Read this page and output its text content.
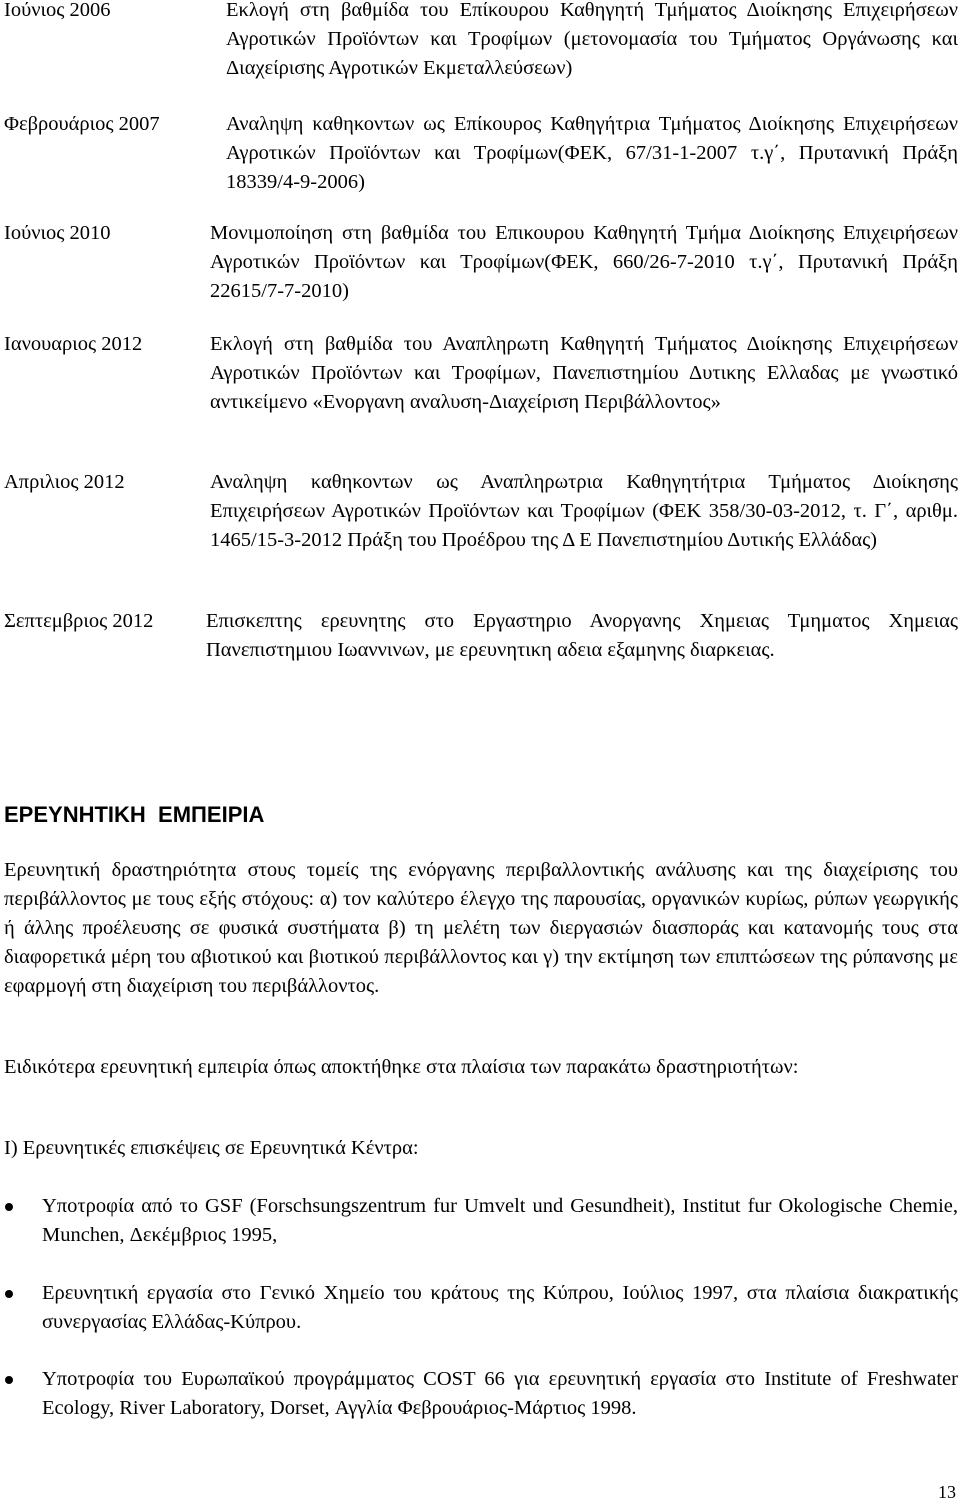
Ιούνιος 2006	Εκλογή στη βαθμίδα του Επίκουρου Καθηγητή Τμήματος Διοίκησης Επιχειρήσεων Αγροτικών Προϊόντων και Τροφίμων (μετονομασία του Τμήματος Οργάνωσης και Διαχείρισης Αγροτικών Εκμεταλλεύσεων)
Φεβρουάριος 2007	Αναληψη καθηκοντων ως Επίκουρος Καθηγήτρια Τμήματος Διοίκησης Επιχειρήσεων Αγροτικών Προϊόντων και Τροφίμων(ΦΕΚ, 67/31-1-2007 τ.γ΄, Πρυτανική Πράξη 18339/4-9-2006)
Ιούνιος 2010	Μονιμοποίηση στη βαθμίδα του Επικουρου Καθηγητή Τμήμα Διοίκησης Επιχειρήσεων Αγροτικών Προϊόντων και Τροφίμων(ΦΕΚ, 660/26-7-2010 τ.γ΄, Πρυτανική Πράξη 22615/7-7-2010)
Ιανουαριος 2012	Εκλογή στη βαθμίδα του Αναπληρωτη Καθηγητή Τμήματος Διοίκησης Επιχειρήσεων Αγροτικών Προϊόντων και Τροφίμων, Πανεπιστημίου Δυτικης Ελλαδας με γνωστικό αντικείμενο «Ενοργανη αναλυση-Διαχείριση Περιβάλλοντος»
Απριλιος 2012	Αναληψη καθηκοντων ως Αναπληρωτρια Καθηγητήτρια Τμήματος Διοίκησης Επιχειρήσεων Αγροτικών Προϊόντων και Τροφίμων (ΦΕΚ 358/30-03-2012, τ. Γ΄, αριθμ. 1465/15-3-2012 Πράξη του Προέδρου της Δ Ε Πανεπιστημίου Δυτικής Ελλάδας)
Σεπτεμβριος 2012	Επισκεπτης ερευνητης στο Εργαστηριο Ανοργανης Χημειας Τμηματος Χημειας Πανεπιστημιου Ιωαννινων, με ερευνητικη αδεια εξαμηνης διαρκειας.
ΕΡΕΥΝΗΤΙΚΗ  ΕΜΠΕΙΡΙΑ

Ερευνητική δραστηριότητα στους τομείς της ενόργανης περιβαλλοντικής ανάλυσης και της διαχείρισης του περιβάλλοντος με τους εξής στόχους: α) τον καλύτερο έλεγχο της παρουσίας, οργανικών κυρίως, ρύπων γεωργικής ή άλλης προέλευσης σε φυσικά συστήματα β) τη μελέτη των διεργασιών διασποράς και κατανομής τους στα διαφορετικά μέρη του αβιοτικού και βιοτικού περιβάλλοντος και γ) την εκτίμηση των επιπτώσεων της ρύπανσης με εφαρμογή στη διαχείριση του περιβάλλοντος.

Ειδικότερα ερευνητική εμπειρία όπως αποκτήθηκε στα πλαίσια των παρακάτω δραστηριοτήτων:

Ι) Ερευνητικές επισκέψεις σε Ερευνητικά Κέντρα:

Υποτροφία από το GSF (Forschsungszentrum fur Umvelt und Gesundheit), Institut fur Okologische Chemie, Munchen, Δεκέμβριος 1995,
Ερευνητική εργασία στο Γενικό Χημείο του κράτους της Κύπρου, Ιούλιος 1997, στα πλαίσια διακρατικής συνεργασίας Ελλάδας-Κύπρου.
Υποτροφία του Ευρωπαϊκού προγράμματος COST 66 για ερευνητική εργασία στο Institute of Freshwater Ecology, River Laboratory, Dorset, Αγγλία Φεβρουάριος-Μάρτιος 1998.
13
